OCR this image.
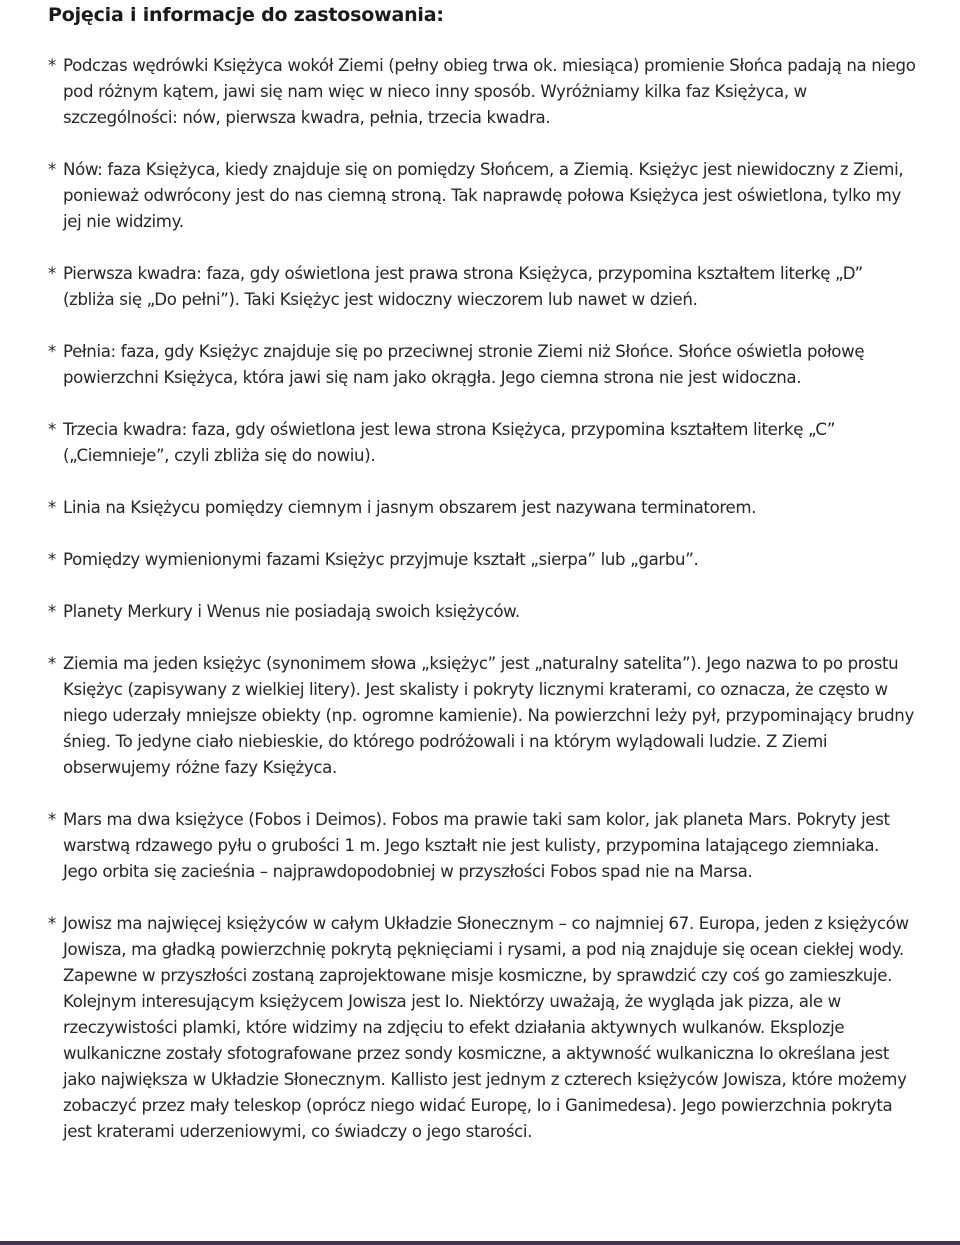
Pojęcia i informacje do zastosowania:
* Podczas wędrówki Księżyca wokół Ziemi (pełny obieg trwa ok. miesiąca) promienie Słońca padają na niego pod różnym kątem, jawi się nam więc w nieco inny sposób. Wyróżniamy kilka faz Księżyca, w szczególności: nów, pierwsza kwadra, pełnia, trzecia kwadra.
* Nów: faza Księżyca, kiedy znajduje się on pomiędzy Słońcem, a Ziemią. Księżyc jest niewidoczny z Ziemi, ponieważ odwrócony jest do nas ciemną stroną. Tak naprawdę połowa Księżyca jest oświetlona, tylko my jej nie widzimy.
* Pierwsza kwadra: faza, gdy oświetlona jest prawa strona Księżyca, przypomina kształtem literkę „D” (zbliża się „Do pełni”). Taki Księżyc jest widoczny wieczorem lub nawet w dzień.
* Pełnia: faza, gdy Księżyc znajduje się po przeciwnej stronie Ziemi niż Słońce. Słońce oświetla połowę powierzchni Księżyca, która jawi się nam jako okrągła. Jego ciemna strona nie jest widoczna.
* Trzecia kwadra: faza, gdy oświetlona jest lewa strona Księżyca, przypomina kształtem literkę „C” („Ciemnieje”, czyli zbliża się do nowiu).
* Linia na Księżycu pomiędzy ciemnym i jasnym obszarem jest nazywana terminatorem.
* Pomiędzy wymienionymi fazami Księżyc przyjmuje kształt „sierpa” lub „garbu”.
* Planety Merkury i Wenus nie posiadają swoich księżyców.
* Ziemia ma jeden księżyc (synonimem słowa „księżyc” jest „naturalny satelita”). Jego nazwa to po prostu Księżyc (zapisywany z wielkiej litery). Jest skalisty i pokryty licznymi kraterami, co oznacza, że często w niego uderzały mniejsze obiekty (np. ogromne kamienie). Na powierzchni leży pył, przypominający brudny śnieg. To jedyne ciało niebieskie, do którego podróżowali i na którym wylądowali ludzie. Z Ziemi obserwujemy różne fazy Księżyca.
* Mars ma dwa księżyce (Fobos i Deimos). Fobos ma prawie taki sam kolor, jak planeta Mars. Pokryty jest warstwą rdzawego pyłu o grubości 1 m. Jego kształt nie jest kulisty, przypomina latającego ziemniaka. Jego orbita się zacieśnia – najprawdopodobniej w przyszłości Fobos spad nie na Marsa.
* Jowisz ma najwięcej księżyców w całym Układzie Słonecznym – co najmniej 67. Europa, jeden z księżyców Jowisza, ma gładką powierzchnię pokrytą pęknięciami i rysami, a pod nią znajduje się ocean ciekłej wody. Zapewne w przyszłości zostaną zaprojektowane misje kosmiczne, by sprawdzić czy coś go zamieszkuje. Kolejnym interesującym księżycem Jowisza jest Io. Niektórzy uważają, że wygląda jak pizza, ale w rzeczywistości plamki, które widzimy na zdjęciu to efekt działania aktywnych wulkanów. Eksplozje wulkaniczne zostały sfotografowane przez sondy kosmiczne, a aktywność wulkaniczna Io określana jest jako największa w Układzie Słonecznym. Kallisto jest jednym z czterech księżyców Jowisza, które możemy zobaczyć przez mały teleskop (oprócz niego widać Europę, Io i Ganimedesa). Jego powierzchnia pokryta jest kraterami uderzeniowymi, co świadczy o jego starości.
